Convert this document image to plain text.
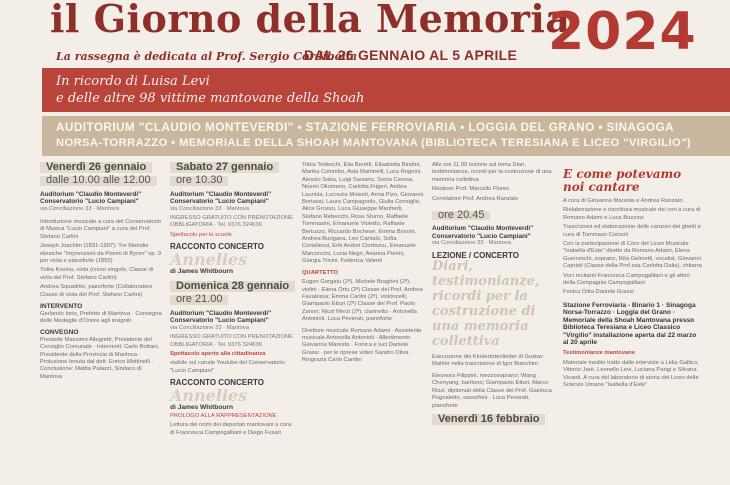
il Giorno della Memoria
2024
La rassegna è dedicata al Prof. Sergio Cordibella
DAL 26 GENNAIO AL 5 APRILE
In ricordo di Luisa Levi
e delle altre 98 vittime mantovane della Shoah
AUDITORIUM "CLAUDIO MONTEVERDI" • STAZIONE FERROVIARIA • LOGGIA DEL GRANO • SINAGOGA
NORSA-TORRAZZO • MEMORIALE DELLA SHOAH MANTOVANA (BIBLIOTECA TERESIANA E LICEO "VIRGILIO")
Venerdì 26 gennaio
dalle 10.00 alle 12.00
Auditorium "Claudio Monteverdi"
Conservatorio "Lucio Campiani"

via Conciliazione 33 · Mantova

Introduzione musicale a cura del Conservatorio di Musica "Lucio Campiani" a cura del Prof. Stefano Carlini

Joseph Joachim (1831-1907): Tre Melodie ebraiche "Impressioni da Poemi di Byron" op. 9 per viola e pianoforte (1855)

Yuliia Kovina, viola (corso singolo, Classe di viola del Prof. Stefano Carlini)

Andrea Squadrito, pianoforte (Collaboratore Classe di viola del Prof. Stefano Carlini)

INTERVENTO

Gerlando Iorio, Prefetto di Mantova · Consegna delle Medaglie d'Onore agli insigniti

CONVEGNO

Presiede Massimo Allegretti, Presidente del Consiglio Comunale · Interventi: Carlo Bottani, Presidente della Provincia di Mantova · Prolusione tenuta dal dott. Enrico Mottinelli · Conclusione: Mattia Palazzi, Sindaco di Mantova

Sabato 27 gennaio
ore 10.30
Auditorium "Claudio Monteverdi"
Conservatorio "Lucio Campiani"

via Conciliazione 33 · Mantova

INGRESSO GRATUITO CON PRENOTAZIONE OBBLIGATORIA · Tel. 0376 324636

Spettacolo per le scuole

RACCONTO CONCERTO
Annelies

di James Whitbourn

Domenica 28 gennaio
ore 21.00
Auditorium "Claudio Monteverdi"
Conservatorio "Lucio Campiani"

via Conciliazione 33 · Mantova

INGRESSO GRATUITO CON PRENOTAZIONE OBBLIGATORIA · Tel. 0376 324636

Spettacolo aperto alla cittadinanza

visibile sul canale Youtube del Conservatorio "Lucio Campiani"

RACCONTO CONCERTO
Annelies

di James Whitbourn

PROLOGO ALLA RAPPRESENTAZIONE

Lettura dei nomi dei deportati mantovani a cura di Francesca Campogalliani e Diego Fusari

Tobia Tedeschi, Elia Beretti, Elisabetta Bindini, Marika Colombo, Asia Martinelli, Luca Rognini, Alessio Saba, Luigi Saviano, Sonia Ceresa, Noemi Oliomeno, Carlotta Frigeri, Ambra Lauriola, Lucrezia Molesti, Anna Pizo, Giovanni Bertassi, Laura Campagnolo, Giulia Consiglio, Alice Grosso, Luca Giuseppe Manfredi, Stefano Rebecchi, Rosa Sturno, Raffaele Tommasini, Emanuele Violetto, Raffaele Bertuzzo, Riccardo Bochese, Emma Bosoni, Andrea Burigana, Leo Cantalù, Sofia Cortellessi, Erik Andrei Ciortescu, Emanuele Marconcini, Lucia Negri, Arianna Pierini, Giorgia Trivini, Federica Valenti

QUARTETTO

Eugen Gorgatu (2ª), Michele Braghini (2ª), violini · Elena Ortu (2ª) Classe del Prof. Andrea Favalessa; Emma Carlini (2ª), violoncelli; Giampaolo Etturi (2ª) Classe del Prof. Paolo Zanon; Nicol Merzi (2ª), clarinetto · Antonella Antonioli, Luca Peverati, pianoforte

Direttore musicale Romano Adami · Assistente musicale Antonella Antonioli · Allestimento Giovanna Maresta · Fonica e luci Daniele Grassi · per le riprese video Sandro Oliva · Ringrazia Carlo Cantini

Alle ore 11.00 lezione sul tema Diari, testimonianze, ricordi per la costruzione di una memoria collettiva

Relatore Prof. Marcello Flores

Correlatore Prof. Andrea Ranzato

ore 20.45
Auditorium "Claudio Monteverdi"
Conservatorio "Lucio Campiani"

via Conciliazione 33 · Mantova

LEZIONE / CONCERTO
Diari, testimonianze, ricordi per la costruzione di una memoria collettiva

Esecuzione dei Kindertotenlieder di Gustav Mahler nella trascrizione di Igor Bianchini

Eleonora Filippini, mezzosoprano; Wang Chenyang, baritono; Giampaolo Etturi, Marco Rizzi, diplomati della Classe del Prof. Gianluca Pugnaletto, sassofoni · Luca Peverati, pianoforte

Venerdì 16 febbraio
E come potevamo noi cantare

A cura di Giovanna Maresta e Andrea Ranzato

Rielaborazione e riscrittura musicale dei cori a cura di Romano Adami e Luca Buzzavi

Trascrizioni ed elaborazione delle canzoni dei ghetti e cura di Tommaso Consoli

Con la partecipazione di Coro del Liceo Musicale "Isabella d'Este" diretto da Romano Adami, Elena Guerreschi, soprano, Rita Gelmetti, vocalist, Giovanni Caprioli (Classe della Prof.ssa Carlotta Dalia), chitarra

Voci recitanti Francesca Campogalliani e gli attori della Compagnia Campogalliani

Fonica Ditta Daniele Grassi

Stazione Ferroviaria - Binario 1 · Sinagoga Norsa-Torrazzo · Loggia del Grano · Memoriale della Shoah Mantovana presso Biblioteca Teresiana e Liceo Classico "Virgilio" installazione aperta dal 22 marzo al 20 aprile

Testimonianze mantovane

Materiale inedito tratto dalle interviste a Lidia Gallico, Vittorio Jarè, Leonello Levi, Luciana Parigi e Silvana Vivanti. A cura del laboratorio di storia del Liceo delle Scienze Umane "Isabella d'Este"
